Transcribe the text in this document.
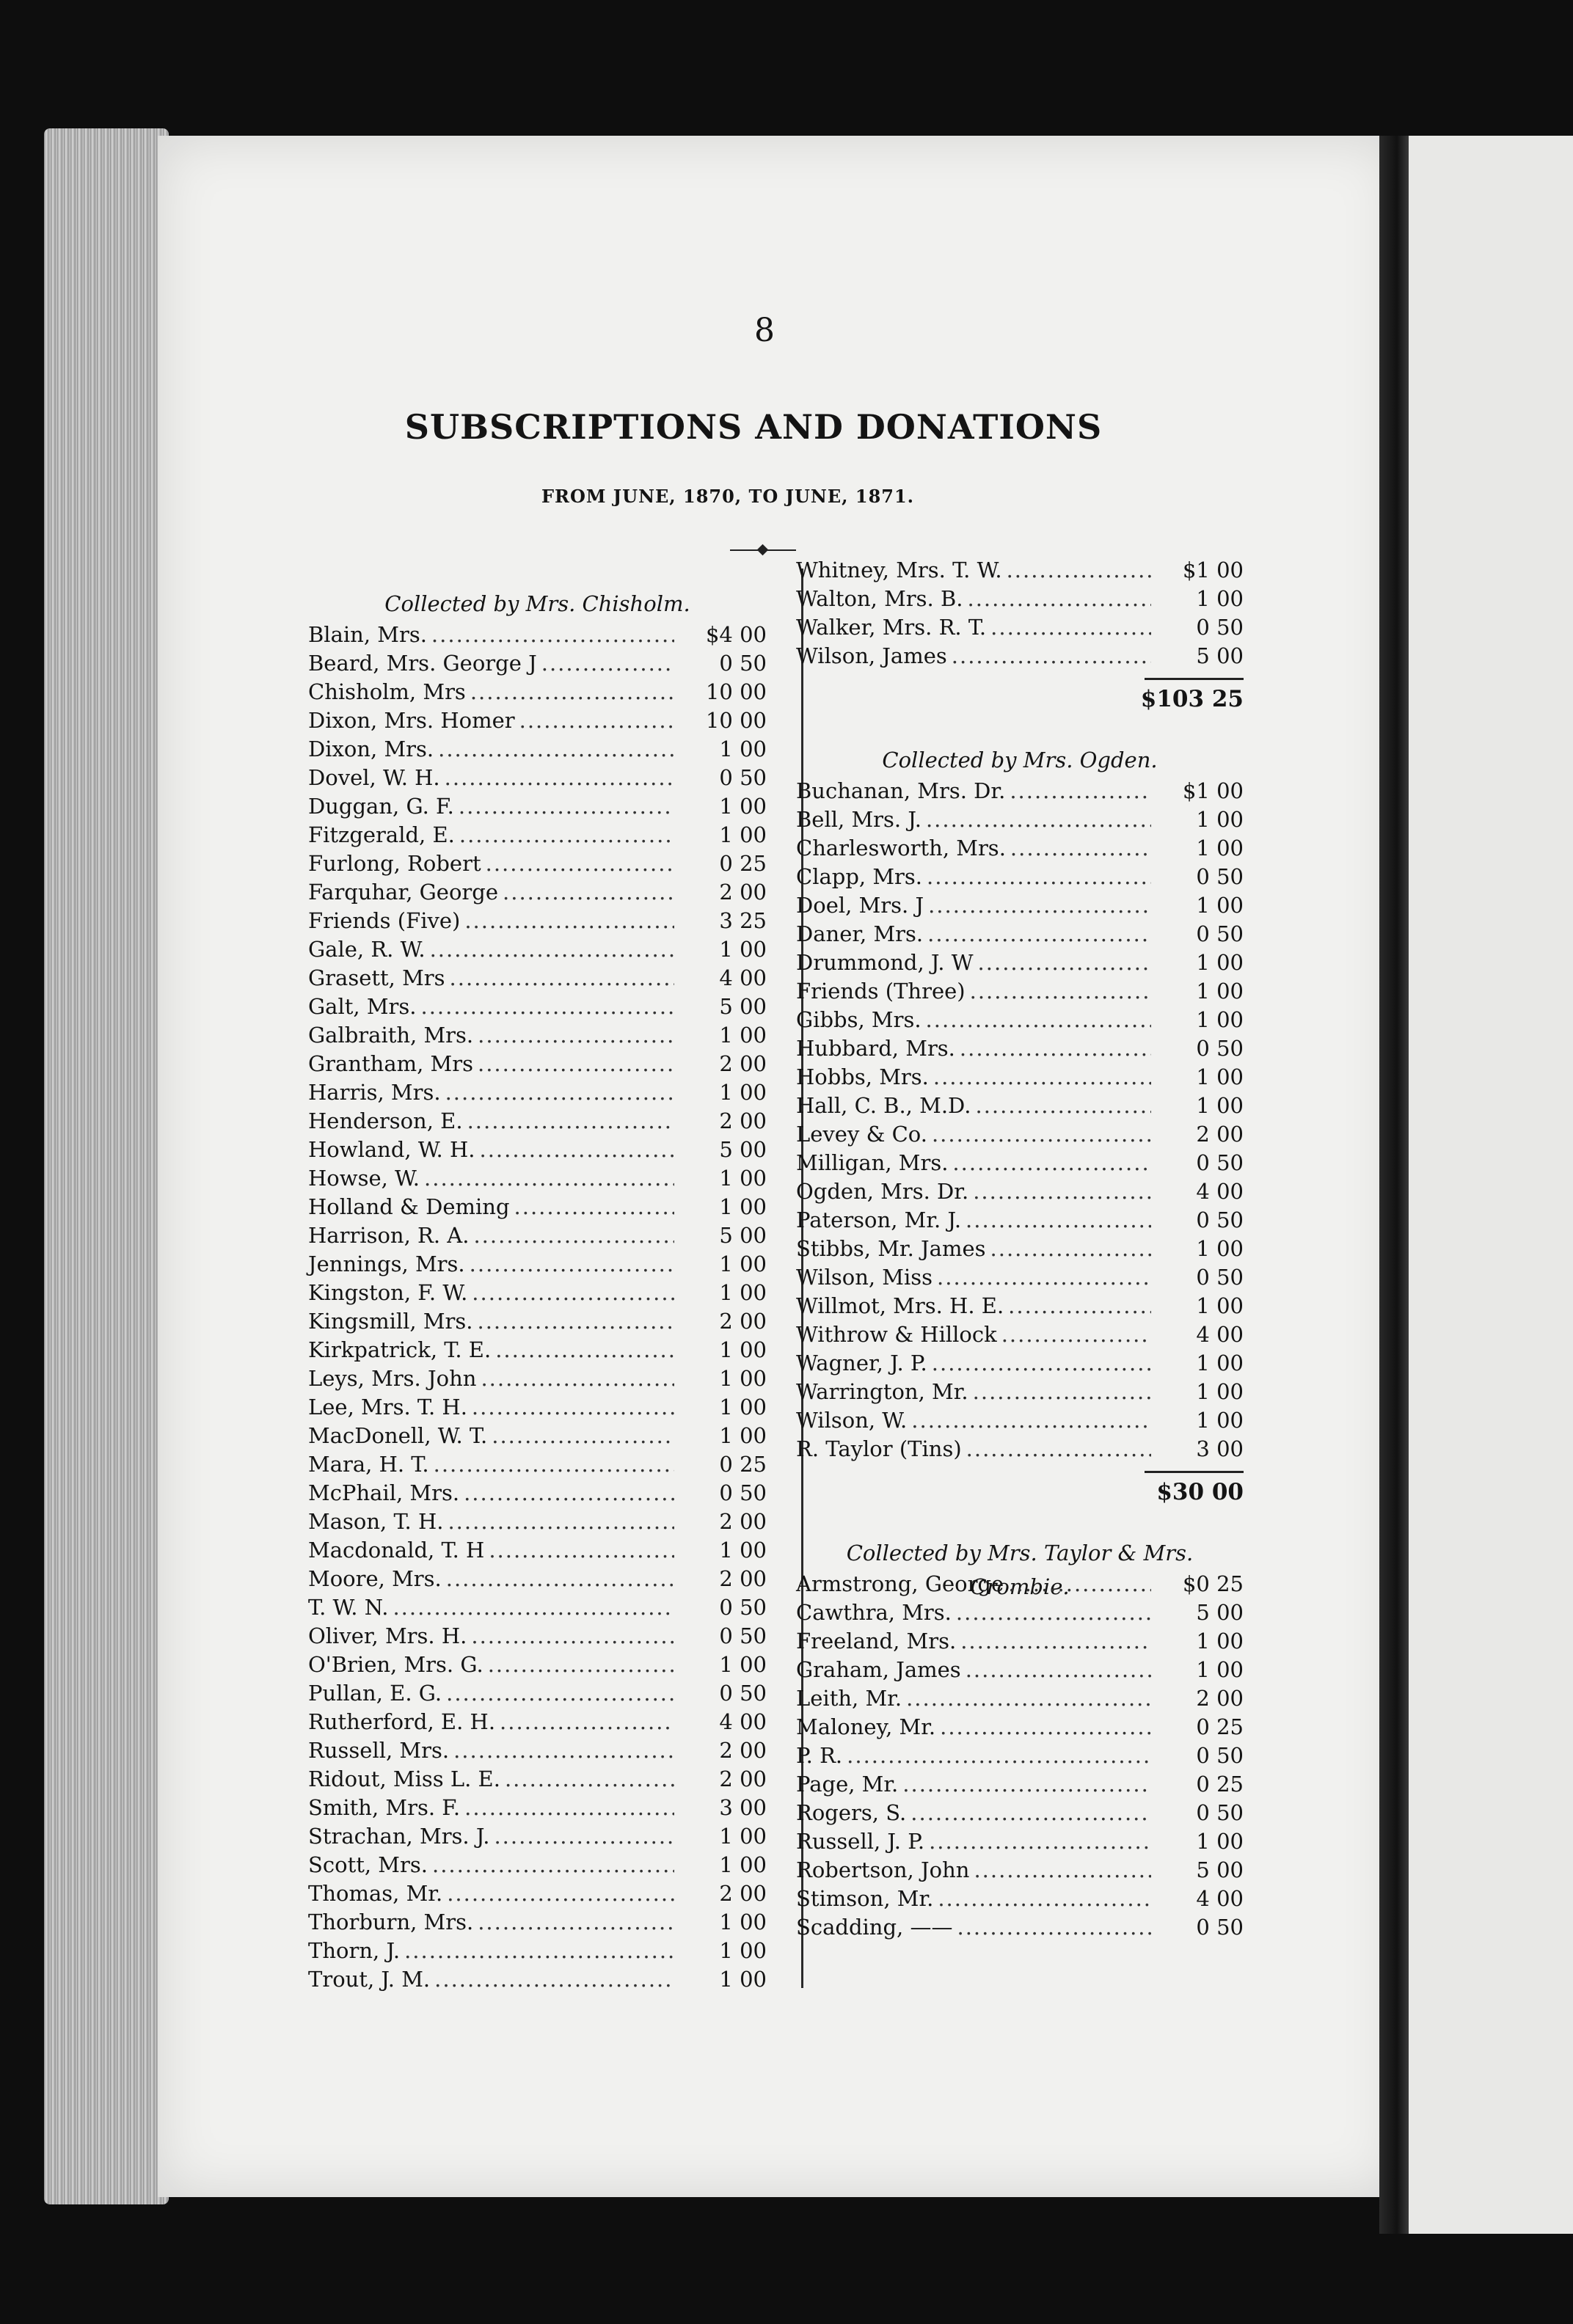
8
SUBSCRIPTIONS AND DONATIONS
FROM JUNE, 1870, TO JUNE, 1871.
Collected by Mrs. Chisholm.
Blain, Mrs. .....	$4 00
Beard, Mrs. George J .....	0 50
Chisholm, Mrs .....	10 00
Dixon, Mrs. Homer .....	10 00
Dixon, Mrs. .....	1 00
Dovel, W. H. .....	0 50
Duggan, G. F. .....	1 00
Fitzgerald, E. .....	1 00
Furlong, Robert .....	0 25
Farquhar, George .....	2 00
Friends (Five) .....	3 25
Gale, R. W. .....	1 00
Grasett, Mrs .....	4 00
Galt, Mrs. .....	5 00
Galbraith, Mrs. .....	1 00
Grantham, Mrs .....	2 00
Harris, Mrs. .....	1 00
Henderson, E. .....	2 00
Howland, W. H. .....	5 00
Howse, W. .....	1 00
Holland & Deming .....	1 00
Harrison, R. A. .....	5 00
Jennings, Mrs. .....	1 00
Kingston, F. W. .....	1 00
Kingsmill, Mrs. .....	2 00
Kirkpatrick, T. E. .....	1 00
Leys, Mrs. John .....	1 00
Lee, Mrs. T. H. .....	1 00
MacDonell, W. T. .....	1 00
Mara, H. T. .....	0 25
McPhail, Mrs. .....	0 50
Mason, T. H. .....	2 00
Macdonald, T. H .....	1 00
Moore, Mrs. .....	2 00
T. W. N. .....	0 50
Oliver, Mrs. H. .....	0 50
O'Brien, Mrs. G. .....	1 00
Pullan, E. G. .....	0 50
Rutherford, E. H. .....	4 00
Russell, Mrs. .....	2 00
Ridout, Miss L. E. .....	2 00
Smith, Mrs. F. .....	3 00
Strachan, Mrs. J. .....	1 00
Scott, Mrs. .....	1 00
Thomas, Mr. .....	2 00
Thorburn, Mrs. .....	1 00
Thorn, J. .....	1 00
Trout, J. M. .....	1 00
Whitney, Mrs. T. W. .....	$1 00
Walton, Mrs. B. .....	1 00
Walker, Mrs. R. T. .....	0 50
Wilson, James .....	5 00
$103 25
Collected by Mrs. Ogden.
Buchanan, Mrs. Dr. .....	$1 00
Bell, Mrs. J. .....	1 00
Charlesworth, Mrs. .....	1 00
Clapp, Mrs. .....	0 50
Doel, Mrs. J .....	1 00
Daner, Mrs. .....	0 50
Drummond, J. W .....	1 00
Friends (Three) .....	1 00
Gibbs, Mrs. .....	1 00
Hubbard, Mrs. .....	0 50
Hobbs, Mrs. .....	1 00
Hall, C. B., M.D. .....	1 00
Levey & Co. .....	2 00
Milligan, Mrs. .....	0 50
Ogden, Mrs. Dr. .....	4 00
Paterson, Mr. J. .....	0 50
Stibbs, Mr. James .....	1 00
Wilson, Miss .....	0 50
Willmot, Mrs. H. E. .....	1 00
Withrow & Hillock .....	4 00
Wagner, J. P. .....	1 00
Warrington, Mr. .....	1 00
Wilson, W. .....	1 00
R. Taylor (Tins) .....	3 00
$30 00
Collected by Mrs. Taylor & Mrs. Crombie.
Armstrong, George .....	$0 25
Cawthra, Mrs. .....	5 00
Freeland, Mrs. .....	1 00
Graham, James .....	1 00
Leith, Mr. .....	2 00
Maloney, Mr. .....	0 25
P. R. .....	0 50
Page, Mr. .....	0 25
Rogers, S. .....	0 50
Russell, J. P. .....	1 00
Robertson, John .....	5 00
Stimson, Mr. .....	4 00
Scadding, —— .....	0 50
